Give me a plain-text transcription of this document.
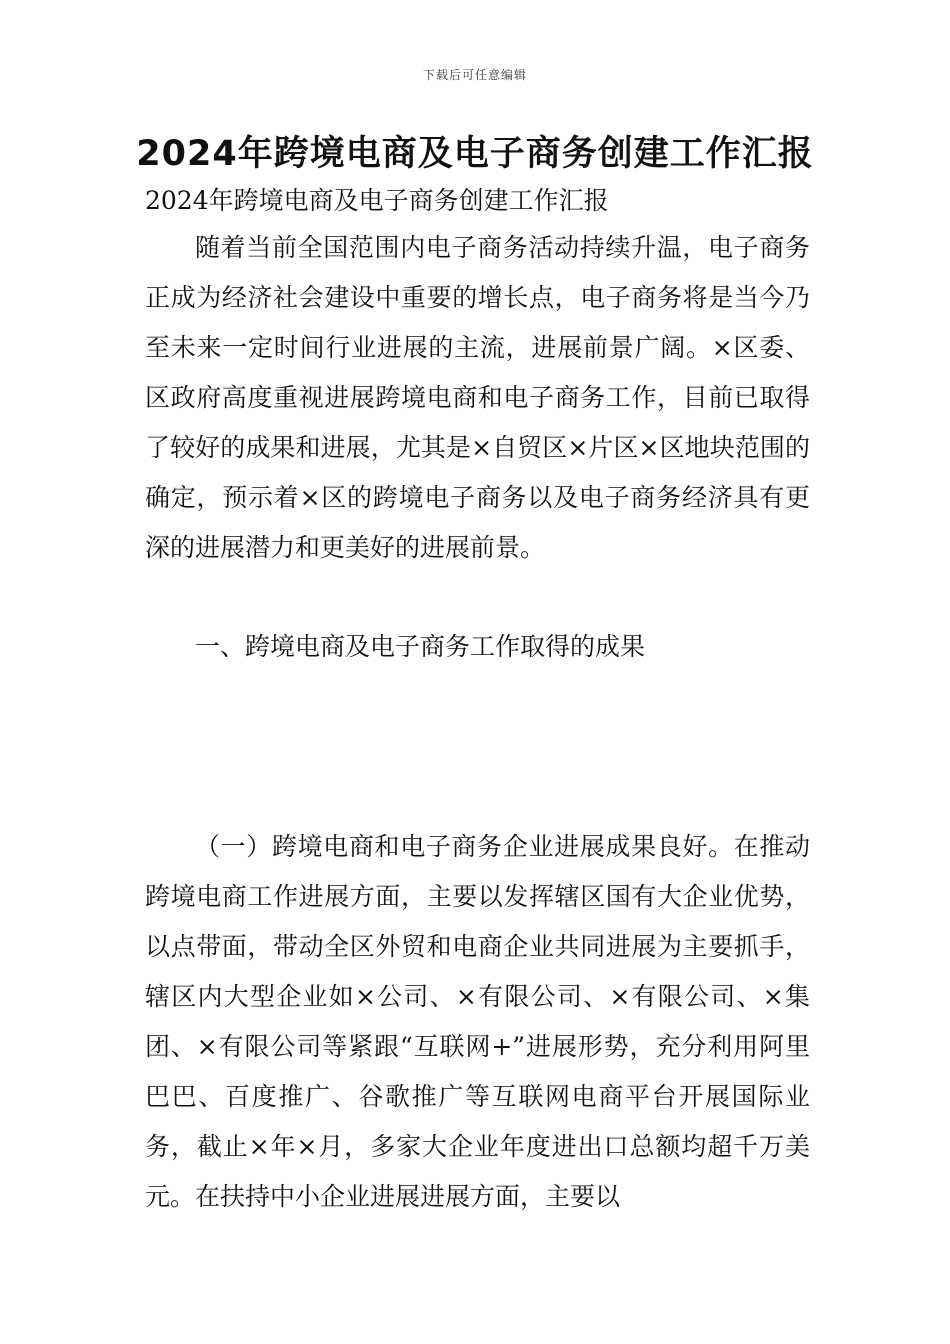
下载后可任意编辑
2024年跨境电商及电子商务创建工作汇报

2024年跨境电商及电子商务创建工作汇报

随着当前全国范围内电子商务活动持续升温，电子商务正成为经济社会建设中重要的增长点，电子商务将是当今乃至未来一定时间行业进展的主流，进展前景广阔。×区委、区政府高度重视进展跨境电商和电子商务工作，目前已取得了较好的成果和进展，尤其是×自贸区×片区×区地块范围的确定，预示着×区的跨境电子商务以及电子商务经济具有更深的进展潜力和更美好的进展前景。

一、跨境电商及电子商务工作取得的成果

（一）跨境电商和电子商务企业进展成果良好。在推动跨境电商工作进展方面，主要以发挥辖区国有大企业优势，以点带面，带动全区外贸和电商企业共同进展为主要抓手，辖区内大型企业如×公司、×有限公司、×有限公司、×集团、×有限公司等紧跟“互联网+”进展形势，充分利用阿里巴巴、百度推广、谷歌推广等互联网电商平台开展国际业务，截止×年×月，多家大企业年度进出口总额均超千万美元。在扶持中小企业进展进展方面，主要以
